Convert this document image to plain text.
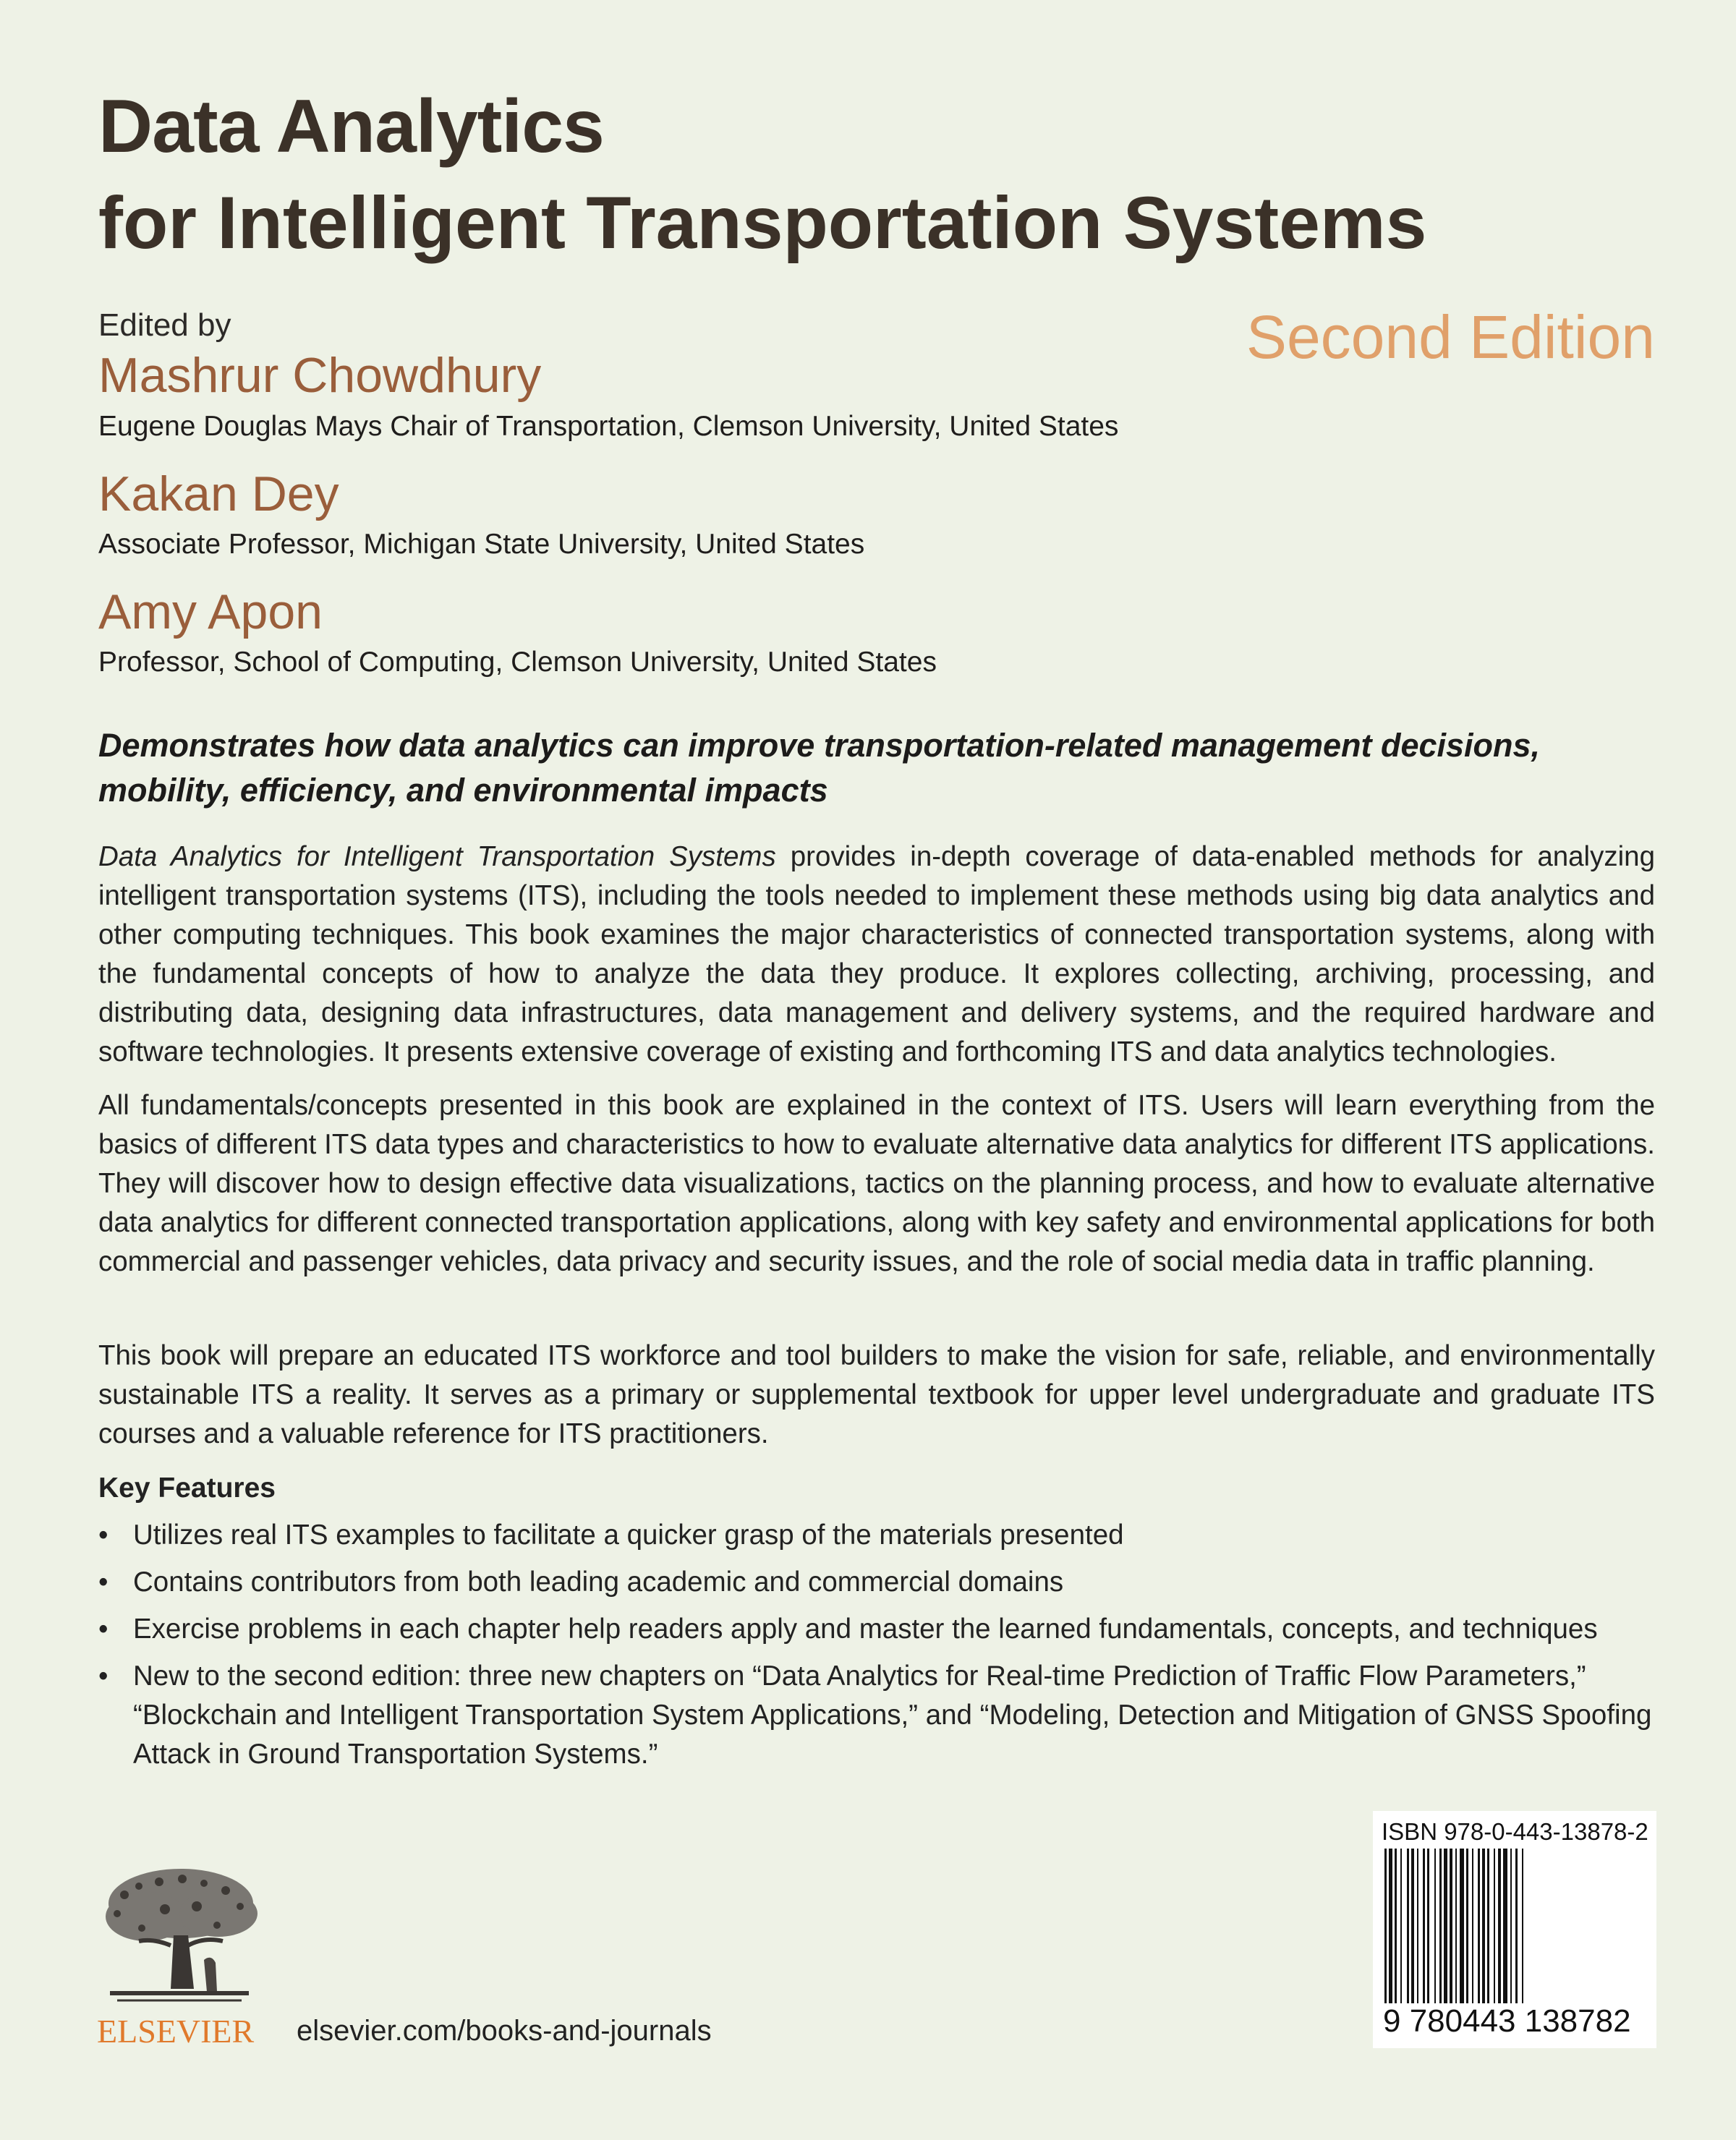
Data Analytics
for Intelligent Transportation Systems
Edited by	Second Edition
Mashrur Chowdhury
Eugene Douglas Mays Chair of Transportation, Clemson University, United States
Kakan Dey
Associate Professor, Michigan State University, United States
Amy Apon
Professor, School of Computing, Clemson University, United States

Demonstrates how data analytics can improve transportation-related management decisions, mobility, efficiency, and environmental impacts

Data Analytics for Intelligent Transportation Systems provides in-depth coverage of data-enabled methods for analyzing intelligent transportation systems (ITS), including the tools needed to implement these methods using big data analytics and other computing techniques. This book examines the major characteristics of connected transportation systems, along with the fundamental concepts of how to analyze the data they produce. It explores collecting, archiving, processing, and distributing data, designing data infrastructures, data management and delivery systems, and the required hardware and software technologies. It presents extensive coverage of existing and forthcoming ITS and data analytics technologies.

All fundamentals/concepts presented in this book are explained in the context of ITS. Users will learn everything from the basics of different ITS data types and characteristics to how to evaluate alternative data analytics for different ITS applications. They will discover how to design effective data visualizations, tactics on the planning process, and how to evaluate alternative data analytics for different connected transportation applications, along with key safety and environmental applications for both commercial and passenger vehicles, data privacy and security issues, and the role of social media data in traffic planning.

This book will prepare an educated ITS workforce and tool builders to make the vision for safe, reliable, and environmentally sustainable ITS a reality. It serves as a primary or supplemental textbook for upper level undergraduate and graduate ITS courses and a valuable reference for ITS practitioners.

Key Features
• Utilizes real ITS examples to facilitate a quicker grasp of the materials presented
• Contains contributors from both leading academic and commercial domains
• Exercise problems in each chapter help readers apply and master the learned fundamentals, concepts, and techniques
• New to the second edition: three new chapters on “Data Analytics for Real-time Prediction of Traffic Flow Parameters,” “Blockchain and Intelligent Transportation System Applications,” and “Modeling, Detection and Mitigation of GNSS Spoofing Attack in Ground Transportation Systems.”
ELSEVIER elsevier.com/books-and-journals
ISBN 978-0-443-13878-2
9 780443 138782
